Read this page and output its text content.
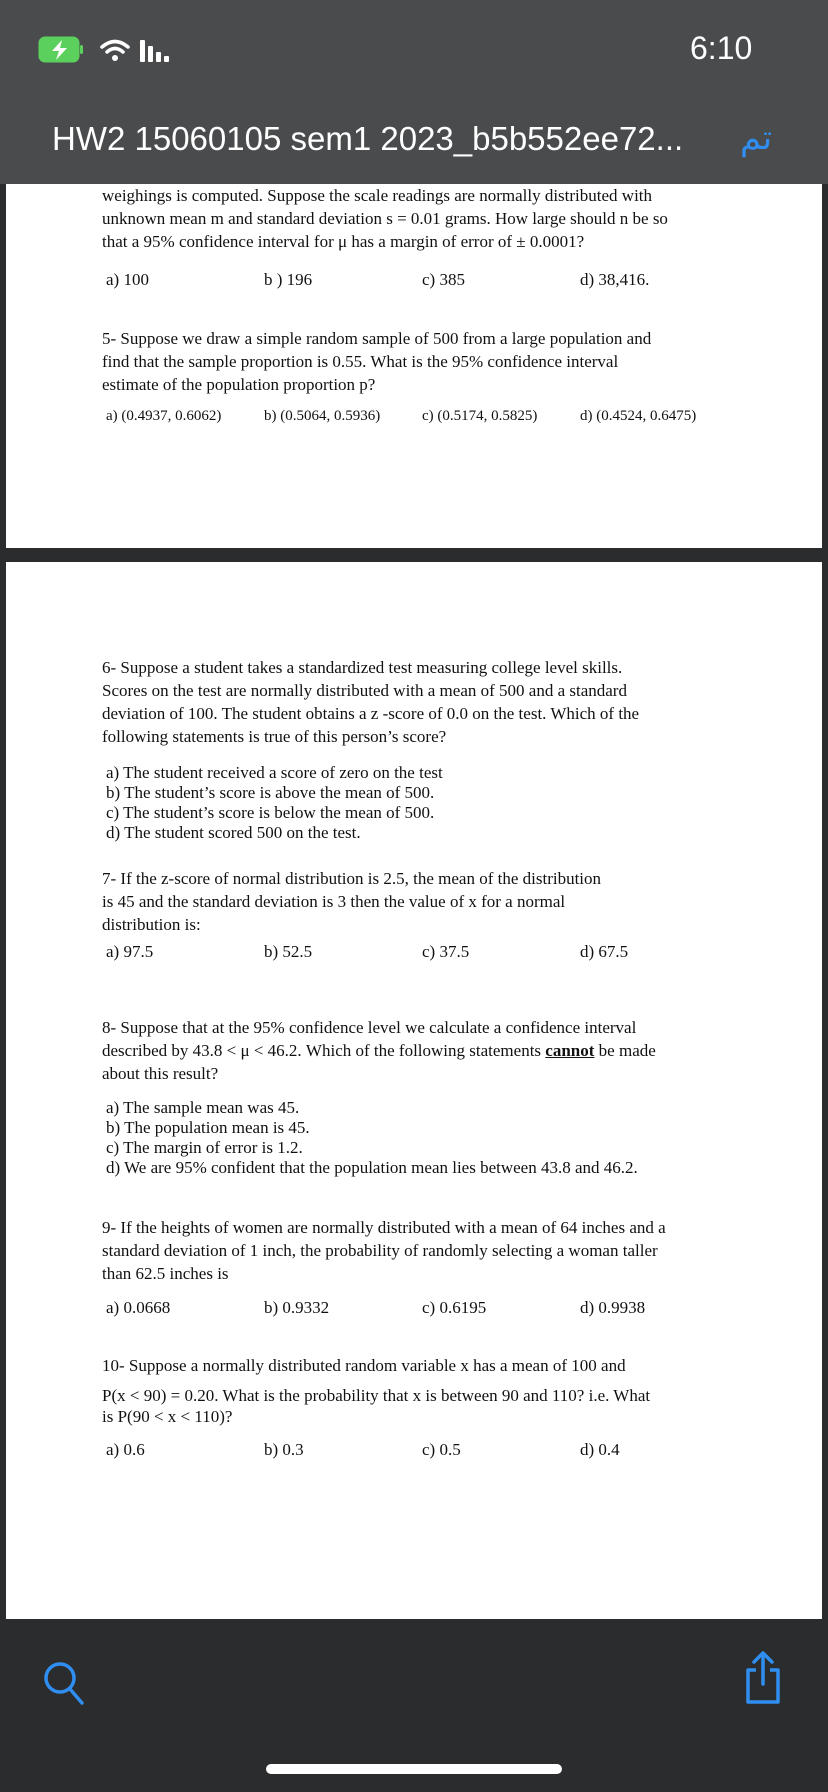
6:10
HW2 15060105 sem1 2023_b5b552ee72... تم
weighings is computed. Suppose the scale readings are normally distributed with
unknown mean m and standard deviation s = 0.01 grams. How large should n be so
that a 95% confidence interval for μ has a margin of error of ± 0.0001?
a) 100	b ) 196	c) 385	d) 38,416.
5- Suppose we draw a simple random sample of 500 from a large population and
find that the sample proportion is 0.55. What is the 95% confidence interval
estimate of the population proportion p?
a) (0.4937, 0.6062)	b) (0.5064, 0.5936)	c) (0.5174, 0.5825)	d) (0.4524, 0.6475)
6- Suppose a student takes a standardized test measuring college level skills.
Scores on the test are normally distributed with a mean of 500 and a standard
deviation of 100. The student obtains a z -score of 0.0 on the test. Which of the
following statements is true of this person’s score?
a) The student received a score of zero on the test
b) The student’s score is above the mean of 500.
c) The student’s score is below the mean of 500.
d) The student scored 500 on the test.
7- If the z-score of normal distribution is 2.5, the mean of the distribution
is 45 and the standard deviation is 3 then the value of x for a normal
distribution is:
a) 97.5	b) 52.5	c) 37.5	d) 67.5
8- Suppose that at the 95% confidence level we calculate a confidence interval
described by 43.8 < μ < 46.2. Which of the following statements cannot be made
about this result?
a) The sample mean was 45.
b) The population mean is 45.
c) The margin of error is 1.2.
d) We are 95% confident that the population mean lies between 43.8 and 46.2.
9- If the heights of women are normally distributed with a mean of 64 inches and a
standard deviation of 1 inch, the probability of randomly selecting a woman taller
than 62.5 inches is
a) 0.0668	b) 0.9332	c) 0.6195	d) 0.9938
10- Suppose a normally distributed random variable x has a mean of 100 and
P(x < 90) = 0.20. What is the probability that x is between 90 and 110? i.e. What
is P(90 < x < 110)?
a) 0.6	b) 0.3	c) 0.5	d) 0.4
